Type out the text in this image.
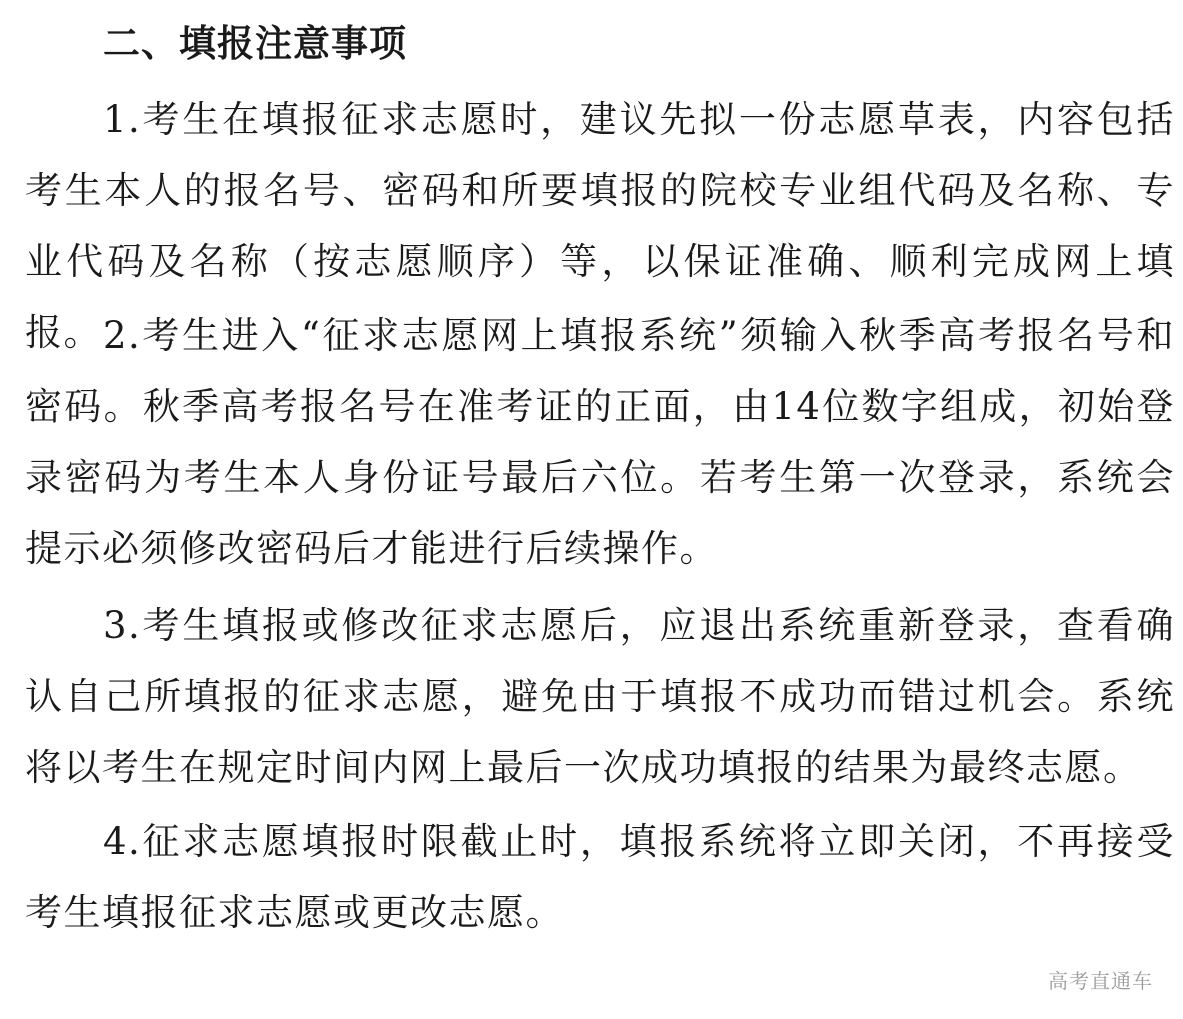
二、填报注意事项

1.考生在填报征求志愿时，建议先拟一份志愿草表，内容包括考生本人的报名号、密码和所要填报的院校专业组代码及名称、专业代码及名称（按志愿顺序）等，以保证准确、顺利完成网上填报。 2.考生进入“征求志愿网上填报系统”须输入秋季高考报名号和密码。秋季高考报名号在准考证的正面，由14位数字组成，初始登录密码为考生本人身份证号最后六位。若考生第一次登录，系统会提示必须修改密码后才能进行后续操作。

3.考生填报或修改征求志愿后，应退出系统重新登录，查看确认自己所填报的征求志愿，避免由于填报不成功而错过机会。系统将以考生在规定时间内网上最后一次成功填报的结果为最终志愿。

4.征求志愿填报时限截止时，填报系统将立即关闭，不再接受考生填报征求志愿或更改志愿。

高考直通车
